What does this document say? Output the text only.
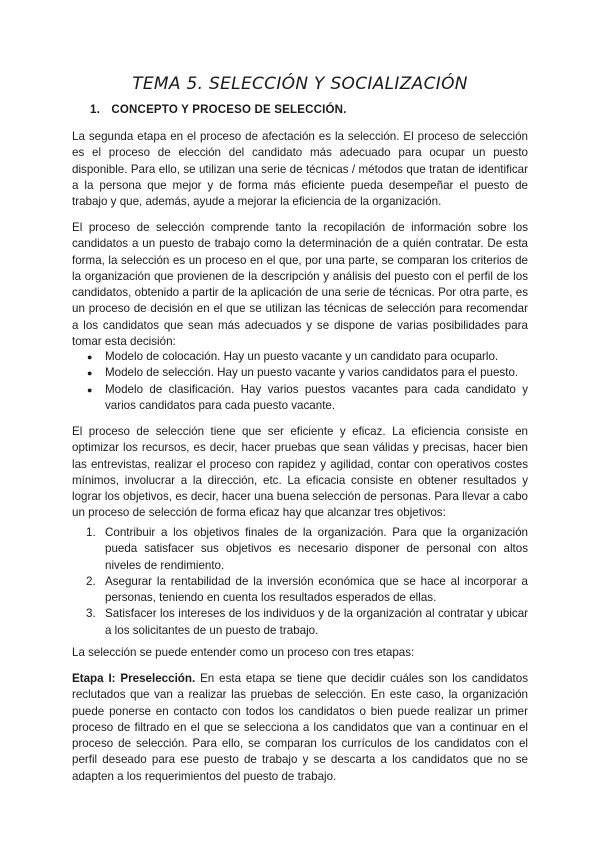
TEMA 5. SELECCIÓN Y SOCIALIZACIÓN
1. CONCEPTO Y PROCESO DE SELECCIÓN.

La segunda etapa en el proceso de afectación es la selección. El proceso de selección es el proceso de elección del candidato más adecuado para ocupar un puesto disponible. Para ello, se utilizan una serie de técnicas / métodos que tratan de identificar a la persona que mejor y de forma más eficiente pueda desempeñar el puesto de trabajo y que, además, ayude a mejorar la eficiencia de la organización.

El proceso de selección comprende tanto la recopilación de información sobre los candidatos a un puesto de trabajo como la determinación de a quién contratar. De esta forma, la selección es un proceso en el que, por una parte, se comparan los criterios de la organización que provienen de la descripción y análisis del puesto con el perfil de los candidatos, obtenido a partir de la aplicación de una serie de técnicas. Por otra parte, es un proceso de decisión en el que se utilizan las técnicas de selección para recomendar a los candidatos que sean más adecuados y se dispone de varias posibilidades para tomar esta decisión:

● Modelo de colocación. Hay un puesto vacante y un candidato para ocuparlo.
● Modelo de selección. Hay un puesto vacante y varios candidatos para el puesto.
● Modelo de clasificación. Hay varios puestos vacantes para cada candidato y varios candidatos para cada puesto vacante.

El proceso de selección tiene que ser eficiente y eficaz. La eficiencia consiste en optimizar los recursos, es decir, hacer pruebas que sean válidas y precisas, hacer bien las entrevistas, realizar el proceso con rapidez y agilidad, contar con operativos costes mínimos, involucrar a la dirección, etc. La eficacia consiste en obtener resultados y lograr los objetivos, es decir, hacer una buena selección de personas. Para llevar a cabo un proceso de selección de forma eficaz hay que alcanzar tres objetivos:

1. Contribuir a los objetivos finales de la organización. Para que la organización pueda satisfacer sus objetivos es necesario disponer de personal con altos niveles de rendimiento.
2. Asegurar la rentabilidad de la inversión económica que se hace al incorporar a personas, teniendo en cuenta los resultados esperados de ellas.
3. Satisfacer los intereses de los individuos y de la organización al contratar y ubicar a los solicitantes de un puesto de trabajo.

La selección se puede entender como un proceso con tres etapas:

Etapa I: Preselección. En esta etapa se tiene que decidir cuáles son los candidatos reclutados que van a realizar las pruebas de selección. En este caso, la organización puede ponerse en contacto con todos los candidatos o bien puede realizar un primer proceso de filtrado en el que se selecciona a los candidatos que van a continuar en el proceso de selección. Para ello, se comparan los currículos de los candidatos con el perfil deseado para ese puesto de trabajo y se descarta a los candidatos que no se adapten a los requerimientos del puesto de trabajo.
